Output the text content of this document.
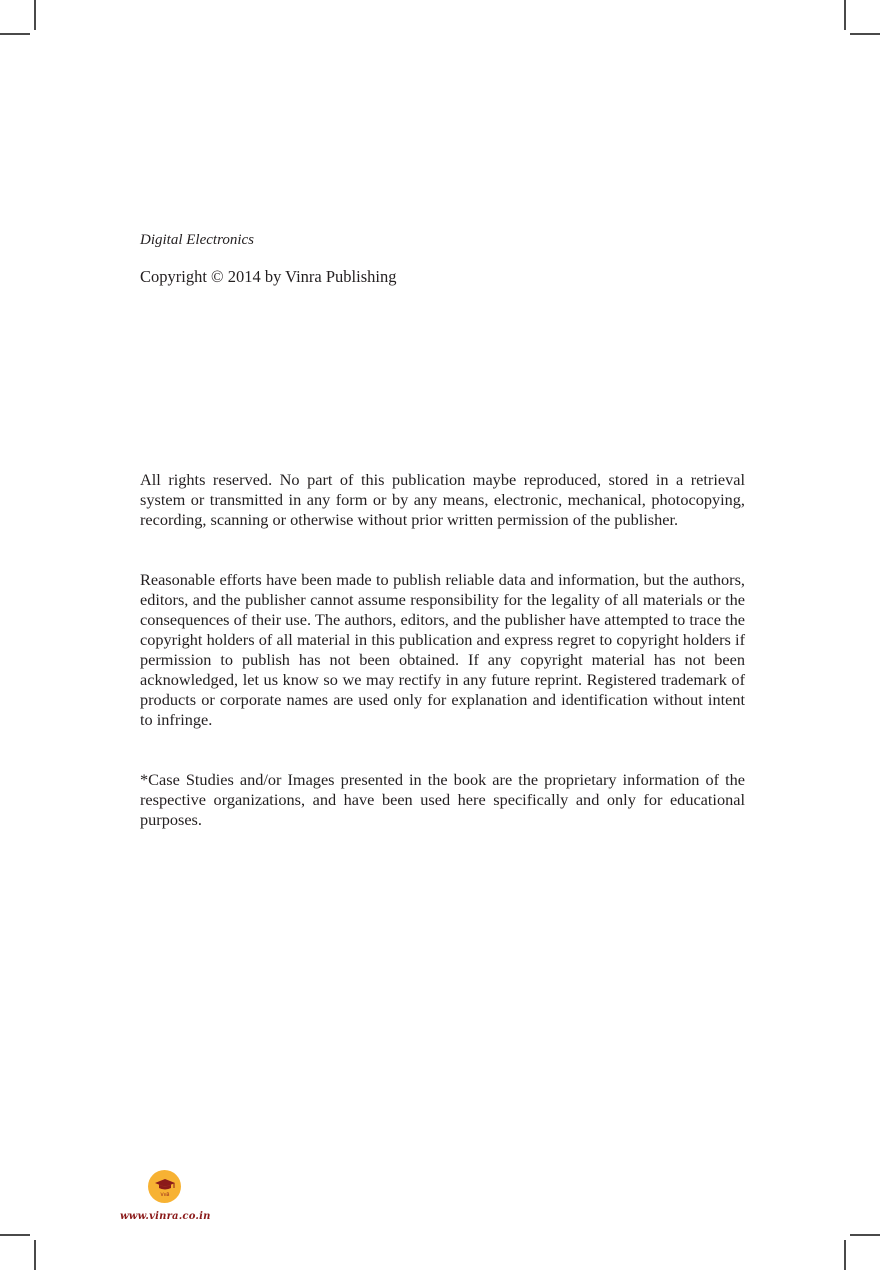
Digital Electronics
Copyright © 2014 by Vinra Publishing

All rights reserved. No part of this publication maybe reproduced, stored in a retrieval system or transmitted in any form or by any means, electronic, mechanical, photocopying, recording, scanning or otherwise without prior written permission of the publisher.

Reasonable efforts have been made to publish reliable data and information, but the authors, editors, and the publisher cannot assume responsibility for the legality of all materials or the consequences of their use. The authors, editors, and the publisher have attempted to trace the copyright holders of all material in this publication and express regret to copyright holders if permission to publish has not been obtained. If any copyright material has not been acknowledged, let us know so we may rectify in any future reprint. Registered trademark of products or corporate names are used only for explanation and identification without intent to infringe.

*Case Studies and/or Images presented in the book are the proprietary information of the respective organizations, and have been used here specifically and only for educational purposes.

VnB
www.vinra.co.in
